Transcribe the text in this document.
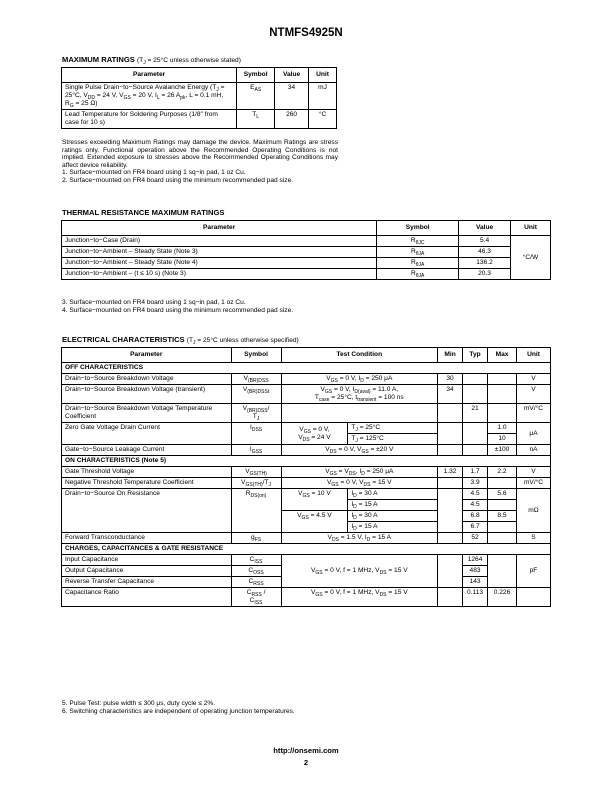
NTMFS4925N
MAXIMUM RATINGS ($T_J = 25^\circ C$ unless otherwise stated)
Parameter	Symbol	Value	Unit
Single Pulse Drain−to−Source Avalanche Energy ($T_J = 25^\circ C$, $V_{DD} = 24$ V, $V_{GS} = 20$ V, $I_L = 26$ $A_{pk}$, L = 0.1 mH, $R_G = 25$ Ω)	$E_{AS}$	34	mJ
Lead Temperature for Soldering Purposes (1/8″ from case for 10 s)	$T_L$	260	°C

Stresses exceeding Maximum Ratings may damage the device. Maximum Ratings are stress ratings only. Functional operation above the Recommended Operating Conditions is not implied. Extended exposure to stresses above the Recommended Operating Conditions may affect device reliability.

1. Surface−mounted on FR4 board using 1 sq−in pad, 1 oz Cu.

2. Surface−mounted on FR4 board using the minimum recommended pad size.

THERMAL RESISTANCE MAXIMUM RATINGS
Parameter	Symbol	Value	Unit
Junction−to−Case (Drain)	$R_{\theta JC}$	5.4	°C/W
Junction−to−Ambient – Steady State (Note 3)	$R_{\theta JA}$	46.3	
Junction−to−Ambient – Steady State (Note 4)	$R_{\theta JA}$	136.2	
Junction−to−Ambient – (t ≤ 10 s) (Note 3)	$R_{\theta JA}$	20.3	

3. Surface−mounted on FR4 board using 1 sq−in pad, 1 oz Cu.

4. Surface−mounted on FR4 board using the minimum recommended pad size.

ELECTRICAL CHARACTERISTICS ($T_J = 25^\circ C$ unless otherwise specified)
Parameter	Symbol	Test Condition		Min	Typ	Max	Unit
OFF CHARACTERISTICS							
Drain−to−Source Breakdown Voltage	$V_{(BR)DSS}$	$V_{GS} = 0$ V, $I_D = 250$ μA		30			V
Drain−to−Source Breakdown Voltage (transient)	$V_{(BR)DSSt}$	$V_{GS} = 0$ V, $I_{D(aval)} = 11.0$ A,
$T_{case} = 25^\circ C$, $t_{transient} = 100$ ns		34			V
Drain−to−Source Breakdown Voltage Temperature Coefficient	$V_{(BR)DSS}/$
$T_J$				21		mV/°C
Zero Gate Voltage Drain Current	$I_{DSS}$	$V_{GS} = 0$ V,
$V_{DS} = 24$ V	$T_J = 25^\circ C$			1.0	μA
			$T_J = 125^\circ C$			10	
Gate−to−Source Leakage Current	$I_{GSS}$	$V_{DS} = 0$ V, $V_{GS} = \pm 20$ V				±100	nA
ON CHARACTERISTICS (Note 5)							
Gate Threshold Voltage	$V_{GS(TH)}$	$V_{GS} = V_{DS}$, $I_D = 250$ μA		1.32	1.7	2.2	V
Negative Threshold Temperature Coefficient	$V_{GS(TH)}/T_J$	$V_{GS} = 0$ V, $V_{DS} = 15$ V			3.9		mV/°C
Drain−to−Source On Resistance	$R_{DS(on)}$	$V_{GS} = 10$ V	$I_D = 30$ A		4.5	5.6	mΩ
			$I_D = 15$ A		4.5		
		$V_{GS} = 4.5$ V	$I_D = 30$ A		6.8	8.5	
			$I_D = 15$ A		6.7		
Forward Transconductance	$g_{FS}$	$V_{DS} = 1.5$ V, $I_D = 15$ A			52		S
CHARGES, CAPACITANCES & GATE RESISTANCE							
Input Capacitance	$C_{ISS}$	$V_{GS} = 0$ V, f = 1 MHz, $V_{DS} = 15$ V			1264		pF
Output Capacitance	$C_{OSS}$				483		
Reverse Transfer Capacitance	$C_{RSS}$				143		
Capacitance Ratio	$C_{RSS}$ /
$C_{ISS}$	$V_{GS} = 0$ V, f = 1 MHz, $V_{DS} = 15$ V			0.113	0.226	

5. Pulse Test: pulse width ≤ 300 μs, duty cycle ≤ 2%.

6. Switching characteristics are independent of operating junction temperatures.

http://onsemi.com
2
